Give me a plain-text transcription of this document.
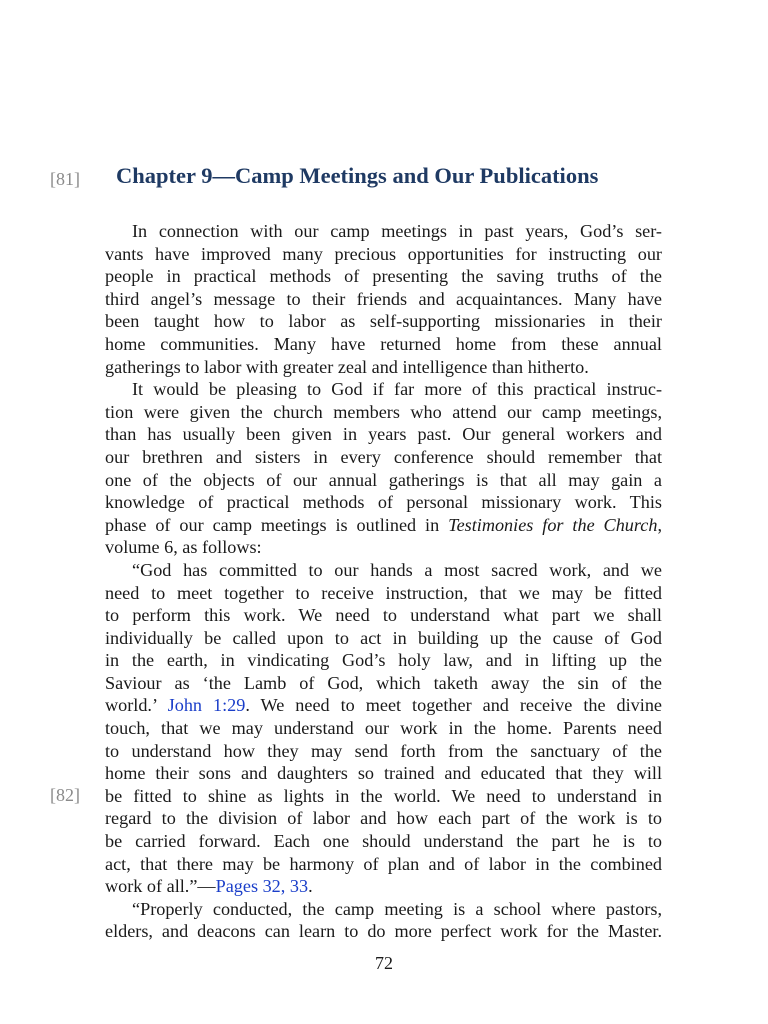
[81]
[82]
Chapter 9—Camp Meetings and Our Publications
In connection with our camp meetings in past years, God’s ser-
vants have improved many precious opportunities for instructing our
people in practical methods of presenting the saving truths of the
third angel’s message to their friends and acquaintances. Many have
been taught how to labor as self-supporting missionaries in their
home communities. Many have returned home from these annual
gatherings to labor with greater zeal and intelligence than hitherto.
It would be pleasing to God if far more of this practical instruc-
tion were given the church members who attend our camp meetings,
than has usually been given in years past. Our general workers and
our brethren and sisters in every conference should remember that
one of the objects of our annual gatherings is that all may gain a
knowledge of practical methods of personal missionary work. This
phase of our camp meetings is outlined in Testimonies for the Church,
volume 6, as follows:
“God has committed to our hands a most sacred work, and we
need to meet together to receive instruction, that we may be fitted
to perform this work. We need to understand what part we shall
individually be called upon to act in building up the cause of God
in the earth, in vindicating God’s holy law, and in lifting up the
Saviour as ‘the Lamb of God, which taketh away the sin of the
world.’ John 1:29. We need to meet together and receive the divine
touch, that we may understand our work in the home. Parents need
to understand how they may send forth from the sanctuary of the
home their sons and daughters so trained and educated that they will
be fitted to shine as lights in the world. We need to understand in
regard to the division of labor and how each part of the work is to
be carried forward. Each one should understand the part he is to
act, that there may be harmony of plan and of labor in the combined
work of all.”—Pages 32, 33.
“Properly conducted, the camp meeting is a school where pastors,
elders, and deacons can learn to do more perfect work for the Master.
72
